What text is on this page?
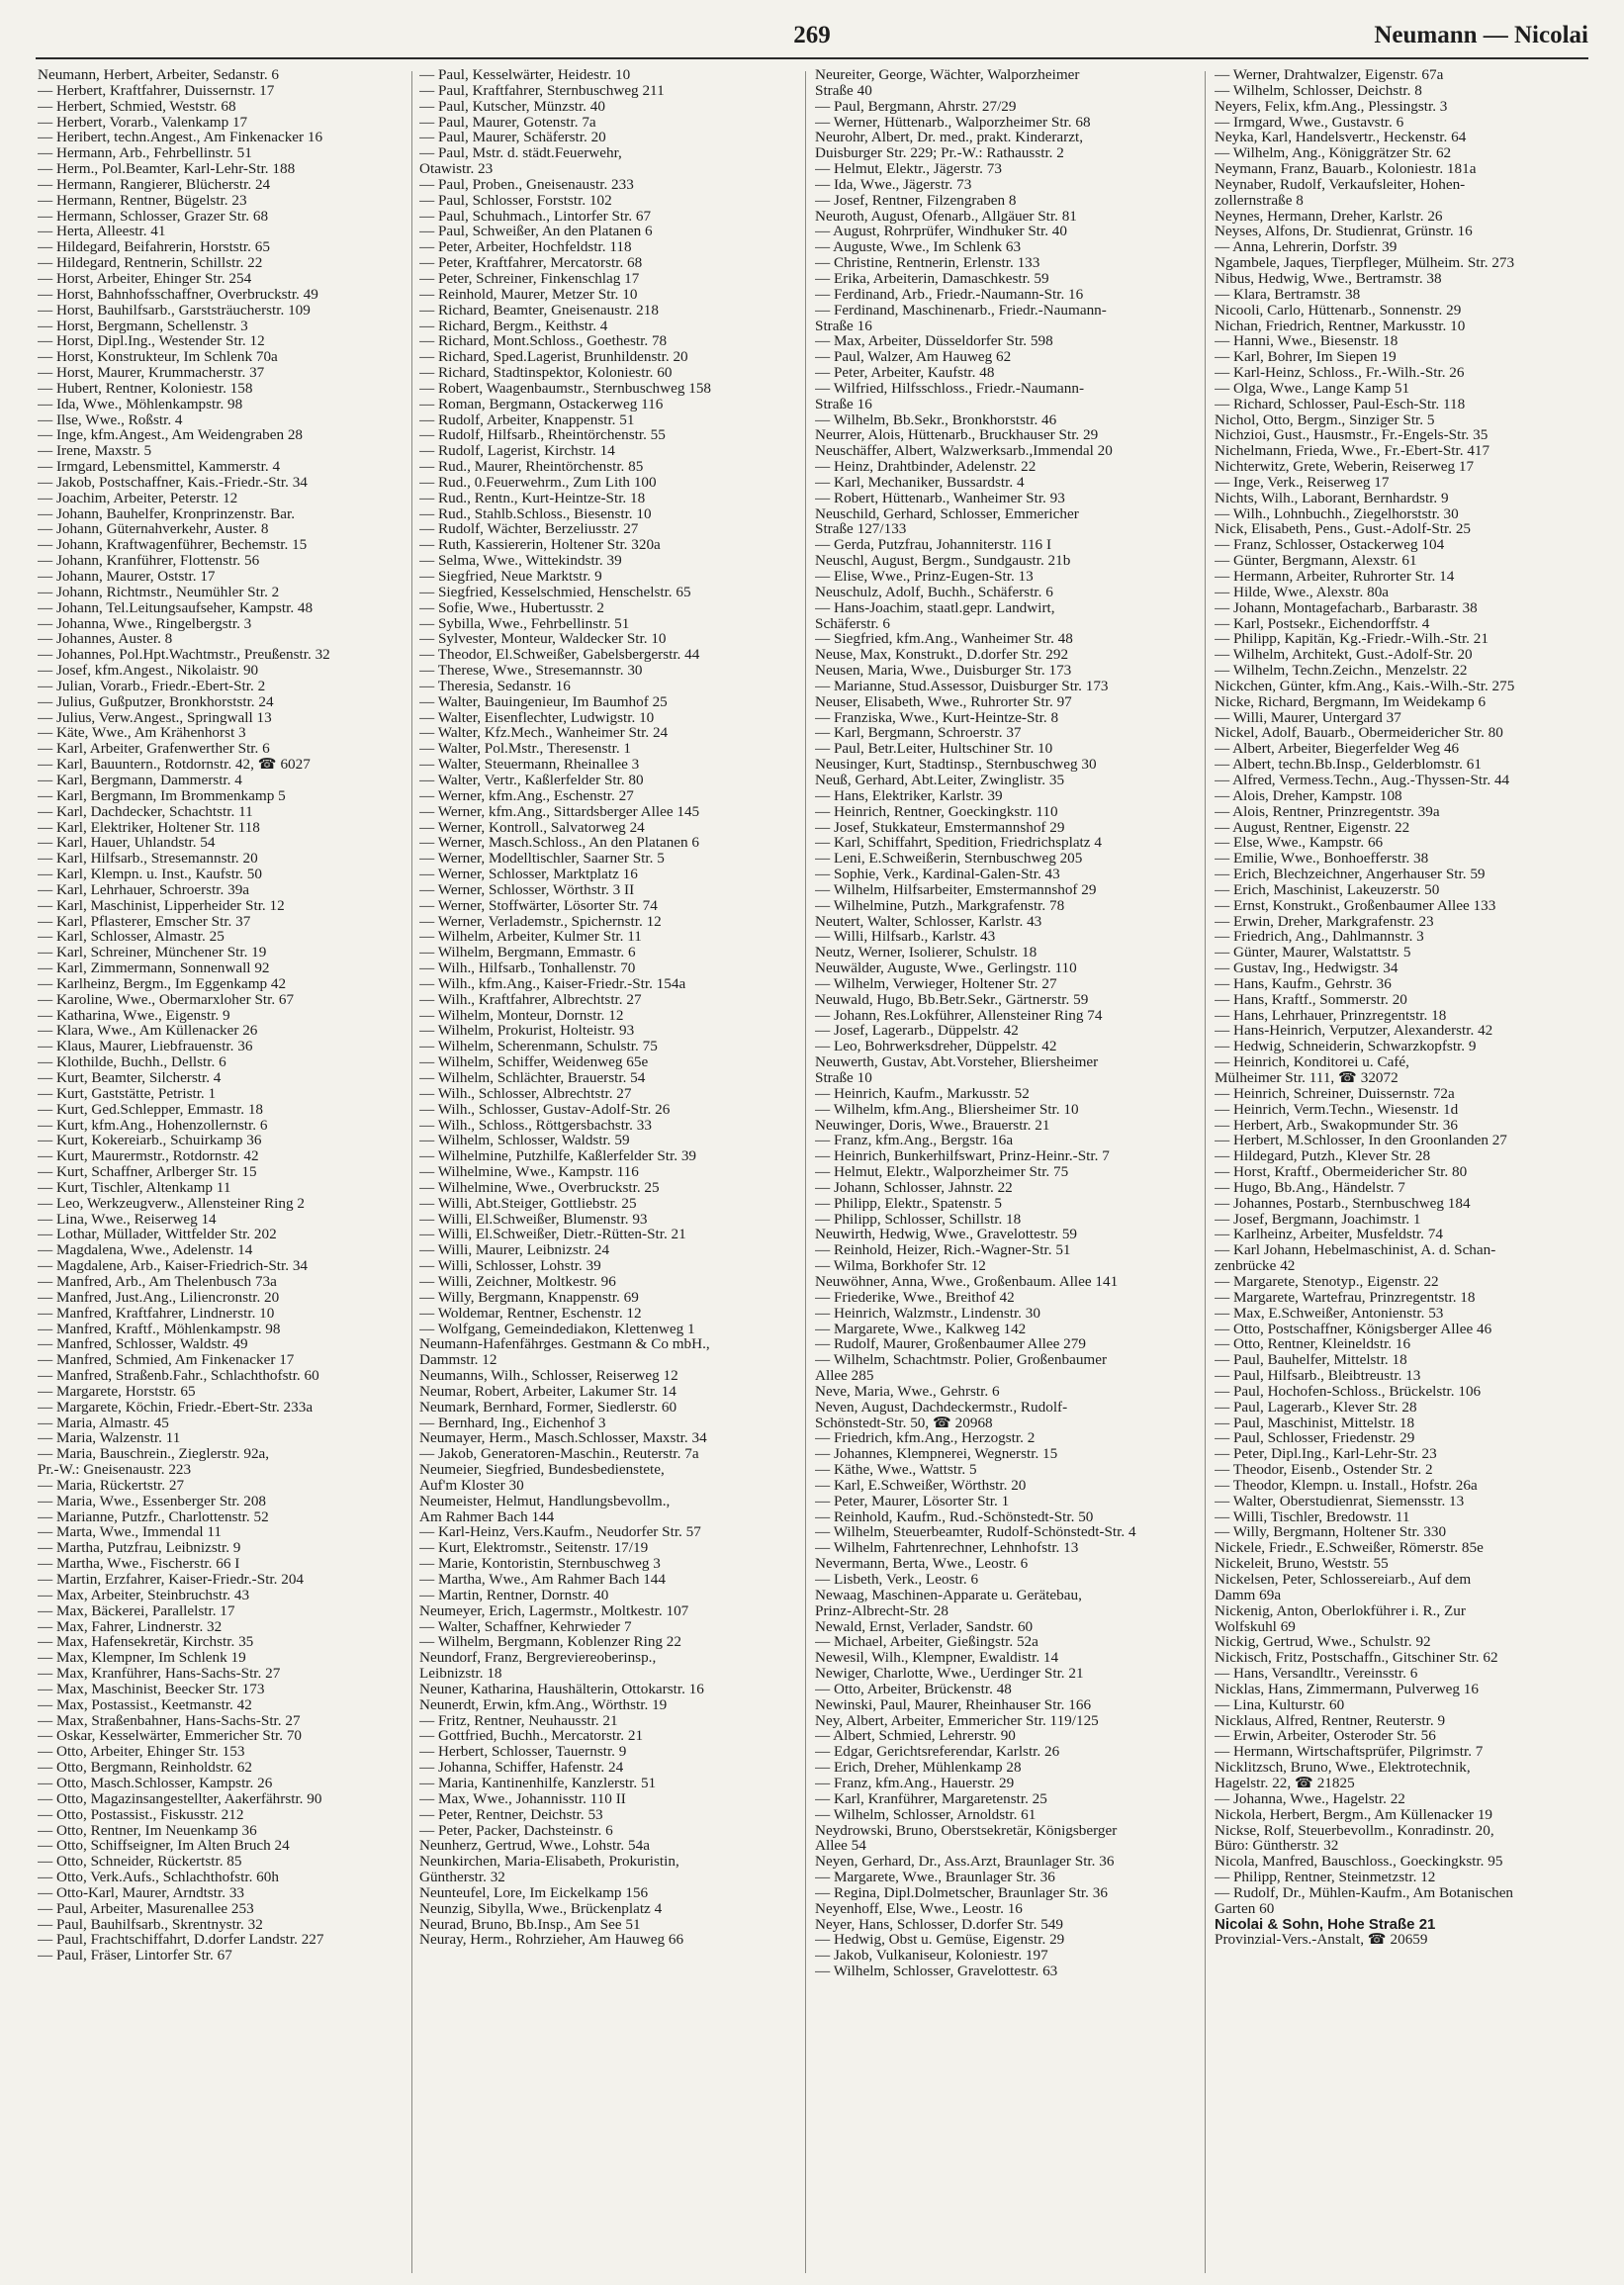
269	Neumann — Nicolai
Neumann, Herbert, Arbeiter, Sedanstr. 6
— Herbert, Kraftfahrer, Duissernstr. 17
— Herbert, Schmied, Weststr. 68
— Herbert, Vorarb., Valenkamp 17
— Heribert, techn.Angest., Am Finkenacker 16
— Hermann, Arb., Fehrbellinstr. 51
— Herm., Pol.Beamter, Karl-Lehr-Str. 188
— Hermann, Rangierer, Blücherstr. 24
— Hermann, Rentner, Bügelstr. 23
— Hermann, Schlosser, Grazer Str. 68
— Herta, Alleestr. 41
— Hildegard, Beifahrerin, Horststr. 65
— Hildegard, Rentnerin, Schillstr. 22
— Horst, Arbeiter, Ehinger Str. 254
— Horst, Bahnhofsschaffner, Overbruckstr. 49
— Horst, Bauhilfsarb., Garststräucherstr. 109
— Horst, Bergmann, Schellenstr. 3
— Horst, Dipl.Ing., Westender Str. 12
— Horst, Konstrukteur, Im Schlenk 70a
— Horst, Maurer, Krummacherstr. 37
— Hubert, Rentner, Koloniestr. 158
— Ida, Wwe., Möhlenkampstr. 98
— Ilse, Wwe., Roßstr. 4
— Inge, kfm.Angest., Am Weidengraben 28
— Irene, Maxstr. 5
— Irmgard, Lebensmittel, Kammerstr. 4
— Jakob, Postschaffner, Kais.-Friedr.-Str. 34
— Joachim, Arbeiter, Peterstr. 12
— Johann, Bauhelfer, Kronprinzenstr. Bar.
— Johann, Güternahverkehr, Auster. 8
— Johann, Kraftwagenführer, Bechemstr. 15
— Johann, Kranführer, Flottenstr. 56
— Johann, Maurer, Oststr. 17
— Johann, Richtmstr., Neumühler Str. 2
— Johann, Tel.Leitungsaufseher, Kampstr. 48
— Johanna, Wwe., Ringelbergstr. 3
— Johannes, Auster. 8
— Johannes, Pol.Hpt.Wachtmstr., Preußenstr. 32
— Josef, kfm.Angest., Nikolaistr. 90
— Julian, Vorarb., Friedr.-Ebert-Str. 2
— Julius, Gußputzer, Bronkhorststr. 24
— Julius, Verw.Angest., Springwall 13
— Käte, Wwe., Am Krähenhorst 3
— Karl, Arbeiter, Grafenwerther Str. 6
— Karl, Bauuntern., Rotdornstr. 42, ☎ 6027
— Karl, Bergmann, Dammerstr. 4
— Karl, Bergmann, Im Brommenkamp 5
— Karl, Dachdecker, Schachtstr. 11
— Karl, Elektriker, Holtener Str. 118
— Karl, Hauer, Uhlandstr. 54
— Karl, Hilfsarb., Stresemannstr. 20
— Karl, Klempn. u. Inst., Kaufstr. 50
— Karl, Lehrhauer, Schroerstr. 39a
— Karl, Maschinist, Lipperheider Str. 12
— Karl, Pflasterer, Emscher Str. 37
— Karl, Schlosser, Almastr. 25
— Karl, Schreiner, Münchener Str. 19
— Karl, Zimmermann, Sonnenwall 92
— Karlheinz, Bergm., Im Eggenkamp 42
— Karoline, Wwe., Obermarxloher Str. 67
— Katharina, Wwe., Eigenstr. 9
— Klara, Wwe., Am Küllenacker 26
— Klaus, Maurer, Liebfrauenstr. 36
— Klothilde, Buchh., Dellstr. 6
— Kurt, Beamter, Silcherstr. 4
— Kurt, Gaststätte, Petristr. 1
— Kurt, Ged.Schlepper, Emmastr. 18
— Kurt, kfm.Ang., Hohenzollernstr. 6
— Kurt, Kokereiarb., Schuirkamp 36
— Kurt, Maurermstr., Rotdornstr. 42
— Kurt, Schaffner, Arlberger Str. 15
— Kurt, Tischler, Altenkamp 11
— Leo, Werkzeugverw., Allensteiner Ring 2
— Lina, Wwe., Reiserweg 14
— Lothar, Müllader, Wittfelder Str. 202
— Magdalena, Wwe., Adelenstr. 14
— Magdalene, Arb., Kaiser-Friedrich-Str. 34
— Manfred, Arb., Am Thelenbusch 73a
— Manfred, Just.Ang., Liliencronstr. 20
— Manfred, Kraftfahrer, Lindnerstr. 10
— Manfred, Kraftf., Möhlenkampstr. 98
— Manfred, Schlosser, Waldstr. 49
— Manfred, Schmied, Am Finkenacker 17
— Manfred, Straßenb.Fahr., Schlachthofstr. 60
— Margarete, Horststr. 65
— Margarete, Köchin, Friedr.-Ebert-Str. 233a
— Maria, Almastr. 45
— Maria, Walzenstr. 11
— Maria, Bauschrein., Zieglerstr. 92a,
Pr.-W.: Gneisenaustr. 223
— Maria, Rückertstr. 27
— Maria, Wwe., Essenberger Str. 208
— Marianne, Putzfr., Charlottenstr. 52
— Marta, Wwe., Immendal 11
— Martha, Putzfrau, Leibnizstr. 9
— Martha, Wwe., Fischerstr. 66 I
— Martin, Erzfahrer, Kaiser-Friedr.-Str. 204
— Max, Arbeiter, Steinbruchstr. 43
— Max, Bäckerei, Parallelstr. 17
— Max, Fahrer, Lindnerstr. 32
— Max, Hafensekretär, Kirchstr. 35
— Max, Klempner, Im Schlenk 19
— Max, Kranführer, Hans-Sachs-Str. 27
— Max, Maschinist, Beecker Str. 173
— Max, Postassist., Keetmanstr. 42
— Max, Straßenbahner, Hans-Sachs-Str. 27
— Oskar, Kesselwärter, Emmericher Str. 70
— Otto, Arbeiter, Ehinger Str. 153
— Otto, Bergmann, Reinholdstr. 62
— Otto, Masch.Schlosser, Kampstr. 26
— Otto, Magazinsangestellter, Aakerfährstr. 90
— Otto, Postassist., Fiskusstr. 212
— Otto, Rentner, Im Neuenkamp 36
— Otto, Schiffseigner, Im Alten Bruch 24
— Otto, Schneider, Rückertstr. 85
— Otto, Verk.Aufs., Schlachthofstr. 60h
— Otto-Karl, Maurer, Arndtstr. 33
— Paul, Arbeiter, Masurenallee 253
— Paul, Bauhilfsarb., Skrentnystr. 32
— Paul, Frachtschiffahrt, D.dorfer Landstr. 227
— Paul, Fräser, Lintorfer Str. 67
— Paul, Kesselwärter, Heidestr. 10
— Paul, Kraftfahrer, Sternbuschweg 211
— Paul, Kutscher, Münzstr. 40
— Paul, Maurer, Gotenstr. 7a
— Paul, Maurer, Schäferstr. 20
— Paul, Mstr. d. städt.Feuerwehr,
Otawistr. 23
— Paul, Proben., Gneisenaustr. 233
— Paul, Schlosser, Forststr. 102
— Paul, Schuhmach., Lintorfer Str. 67
— Paul, Schweißer, An den Platanen 6
— Peter, Arbeiter, Hochfeldstr. 118
— Peter, Kraftfahrer, Mercatorstr. 68
— Peter, Schreiner, Finkenschlag 17
— Reinhold, Maurer, Metzer Str. 10
— Richard, Beamter, Gneisenaustr. 218
— Richard, Bergm., Keithstr. 4
— Richard, Mont.Schloss., Goethestr. 78
— Richard, Sped.Lagerist, Brunhildenstr. 20
— Richard, Stadtinspektor, Koloniestr. 60
— Robert, Waagenbaumstr., Sternbuschweg 158
— Roman, Bergmann, Ostackerweg 116
— Rudolf, Arbeiter, Knappenstr. 51
— Rudolf, Hilfsarb., Rheintörchenstr. 55
— Rudolf, Lagerist, Kirchstr. 14
— Rud., Maurer, Rheintörchenstr. 85
— Rud., 0.Feuerwehrm., Zum Lith 100
— Rud., Rentn., Kurt-Heintze-Str. 18
— Rud., Stahlb.Schloss., Biesenstr. 10
— Rudolf, Wächter, Berzeliusstr. 27
— Ruth, Kassiererin, Holtener Str. 320a
— Selma, Wwe., Wittekindstr. 39
— Siegfried, Neue Marktstr. 9
— Siegfried, Kesselschmied, Henschelstr. 65
— Sofie, Wwe., Hubertusstr. 2
— Sybilla, Wwe., Fehrbellinstr. 51
— Sylvester, Monteur, Waldecker Str. 10
— Theodor, El.Schweißer, Gabelsbergerstr. 44
— Therese, Wwe., Stresemannstr. 30
— Theresia, Sedanstr. 16
— Walter, Bauingenieur, Im Baumhof 25
— Walter, Eisenflechter, Ludwigstr. 10
— Walter, Kfz.Mech., Wanheimer Str. 24
— Walter, Pol.Mstr., Theresenstr. 1
— Walter, Steuermann, Rheinallee 3
— Walter, Vertr., Kaßlerfelder Str. 80
— Werner, kfm.Ang., Eschenstr. 27
— Werner, kfm.Ang., Sittardsberger Allee 145
— Werner, Kontroll., Salvatorweg 24
— Werner, Masch.Schloss., An den Platanen 6
— Werner, Modelltischler, Saarner Str. 5
— Werner, Schlosser, Marktplatz 16
— Werner, Schlosser, Wörthstr. 3 II
— Werner, Stoffwärter, Lösorter Str. 74
— Werner, Verlademstr., Spichernstr. 12
— Wilhelm, Arbeiter, Kulmer Str. 11
— Wilhelm, Bergmann, Emmastr. 6
— Wilh., Hilfsarb., Tonhallenstr. 70
— Wilh., kfm.Ang., Kaiser-Friedr.-Str. 154a
— Wilh., Kraftfahrer, Albrechtstr. 27
— Wilhelm, Monteur, Dornstr. 12
— Wilhelm, Prokurist, Holteistr. 93
— Wilhelm, Scherenmann, Schulstr. 75
— Wilhelm, Schiffer, Weidenweg 65e
— Wilhelm, Schlächter, Brauerstr. 54
— Wilh., Schlosser, Albrechtstr. 27
— Wilh., Schlosser, Gustav-Adolf-Str. 26
— Wilh., Schloss., Röttgersbachstr. 33
— Wilhelm, Schlosser, Waldstr. 59
— Wilhelmine, Putzhilfe, Kaßlerfelder Str. 39
— Wilhelmine, Wwe., Kampstr. 116
— Wilhelmine, Wwe., Overbruckstr. 25
— Willi, Abt.Steiger, Gottliebstr. 25
— Willi, El.Schweißer, Blumenstr. 93
— Willi, El.Schweißer, Dietr.-Rütten-Str. 21
— Willi, Maurer, Leibnizstr. 24
— Willi, Schlosser, Lohstr. 39
— Willi, Zeichner, Moltkestr. 96
— Willy, Bergmann, Knappenstr. 69
— Woldemar, Rentner, Eschenstr. 12
— Wolfgang, Gemeindediakon, Klettenweg 1
Neumann-Hafenfährges. Gestmann & Co mbH.,
Dammstr. 12
Neumanns, Wilh., Schlosser, Reiserweg 12
Neumar, Robert, Arbeiter, Lakumer Str. 14
Neumark, Bernhard, Former, Siedlerstr. 60
— Bernhard, Ing., Eichenhof 3
Neumayer, Herm., Masch.Schlosser, Maxstr. 34
— Jakob, Generatoren-Maschin., Reuterstr. 7a
Neumeier, Siegfried, Bundesbedienstete,
Auf'm Kloster 30
Neumeister, Helmut, Handlungsbevollm.,
Am Rahmer Bach 144
— Karl-Heinz, Vers.Kaufm., Neudorfer Str. 57
— Kurt, Elektromstr., Seitenstr. 17/19
— Marie, Kontoristin, Sternbuschweg 3
— Martha, Wwe., Am Rahmer Bach 144
— Martin, Rentner, Dornstr. 40
Neumeyer, Erich, Lagermstr., Moltkestr. 107
— Walter, Schaffner, Kehrwieder 7
— Wilhelm, Bergmann, Koblenzer Ring 22
Neundorf, Franz, Bergreviereoberinsp.,
Leibnizstr. 18
Neuner, Katharina, Haushälterin, Ottokarstr. 16
Neunerdt, Erwin, kfm.Ang., Wörthstr. 19
— Fritz, Rentner, Neuhausstr. 21
— Gottfried, Buchh., Mercatorstr. 21
— Herbert, Schlosser, Tauernstr. 9
— Johanna, Schiffer, Hafenstr. 24
— Maria, Kantinenhilfe, Kanzlerstr. 51
— Max, Wwe., Johannisstr. 110 II
— Peter, Rentner, Deichstr. 53
— Peter, Packer, Dachsteinstr. 6
Neunherz, Gertrud, Wwe., Lohstr. 54a
Neunkirchen, Maria-Elisabeth, Prokuristin,
Güntherstr. 32
Neunteufel, Lore, Im Eickelkamp 156
Neunzig, Sibylla, Wwe., Brückenplatz 4
Neurad, Bruno, Bb.Insp., Am See 51
Neuray, Herm., Rohrzieher, Am Hauweg 66
Neureiter, George, Wächter, Walporzheimer
Straße 40
— Paul, Bergmann, Ahrstr. 27/29
— Werner, Hüttenarb., Walporzheimer Str. 68
Neurohr, Albert, Dr. med., prakt. Kinderarzt,
Duisburger Str. 229; Pr.-W.: Rathausstr. 2
— Helmut, Elektr., Jägerstr. 73
— Ida, Wwe., Jägerstr. 73
— Josef, Rentner, Filzengraben 8
Neuroth, August, Ofenarb., Allgäuer Str. 81
— August, Rohrprüfer, Windhuker Str. 40
— Auguste, Wwe., Im Schlenk 63
— Christine, Rentnerin, Erlenstr. 133
— Erika, Arbeiterin, Damaschkestr. 59
— Ferdinand, Arb., Friedr.-Naumann-Str. 16
— Ferdinand, Maschinenarb., Friedr.-Naumann-
Straße 16
— Max, Arbeiter, Düsseldorfer Str. 598
— Paul, Walzer, Am Hauweg 62
— Peter, Arbeiter, Kaufstr. 48
— Wilfried, Hilfsschloss., Friedr.-Naumann-
Straße 16
— Wilhelm, Bb.Sekr., Bronkhorststr. 46
Neurrer, Alois, Hüttenarb., Bruckhauser Str. 29
Neuschäffer, Albert, Walzwerksarb.,Immendal 20
— Heinz, Drahtbinder, Adelenstr. 22
— Karl, Mechaniker, Bussardstr. 4
— Robert, Hüttenarb., Wanheimer Str. 93
Neuschild, Gerhard, Schlosser, Emmericher
Straße 127/133
— Gerda, Putzfrau, Johanniterstr. 116 I
Neuschl, August, Bergm., Sundgaustr. 21b
— Elise, Wwe., Prinz-Eugen-Str. 13
Neuschulz, Adolf, Buchh., Schäferstr. 6
— Hans-Joachim, staatl.gepr. Landwirt,
Schäferstr. 6
— Siegfried, kfm.Ang., Wanheimer Str. 48
Neuse, Max, Konstrukt., D.dorfer Str. 292
Neusen, Maria, Wwe., Duisburger Str. 173
— Marianne, Stud.Assessor, Duisburger Str. 173
Neuser, Elisabeth, Wwe., Ruhrorter Str. 97
— Franziska, Wwe., Kurt-Heintze-Str. 8
— Karl, Bergmann, Schroerstr. 37
— Paul, Betr.Leiter, Hultschiner Str. 10
Neusinger, Kurt, Stadtinsp., Sternbuschweg 30
Neuß, Gerhard, Abt.Leiter, Zwinglistr. 35
— Hans, Elektriker, Karlstr. 39
— Heinrich, Rentner, Goeckingkstr. 110
— Josef, Stukkateur, Emstermannshof 29
— Karl, Schiffahrt, Spedition, Friedrichsplatz 4
— Leni, E.Schweißerin, Sternbuschweg 205
— Sophie, Verk., Kardinal-Galen-Str. 43
— Wilhelm, Hilfsarbeiter, Emstermannshof 29
— Wilhelmine, Putzh., Markgrafenstr. 78
Neutert, Walter, Schlosser, Karlstr. 43
— Willi, Hilfsarb., Karlstr. 43
Neutz, Werner, Isolierer, Schulstr. 18
Neuwälder, Auguste, Wwe., Gerlingstr. 110
— Wilhelm, Verwieger, Holtener Str. 27
Neuwald, Hugo, Bb.Betr.Sekr., Gärtnerstr. 59
— Johann, Res.Lokführer, Allensteiner Ring 74
— Josef, Lagerarb., Düppelstr. 42
— Leo, Bohrwerksdreher, Düppelstr. 42
Neuwerth, Gustav, Abt.Vorsteher, Bliersheimer
Straße 10
— Heinrich, Kaufm., Markusstr. 52
— Wilhelm, kfm.Ang., Bliersheimer Str. 10
Neuwinger, Doris, Wwe., Brauerstr. 21
— Franz, kfm.Ang., Bergstr. 16a
— Heinrich, Bunkerhilfswart, Prinz-Heinr.-Str. 7
— Helmut, Elektr., Walporzheimer Str. 75
— Johann, Schlosser, Jahnstr. 22
— Philipp, Elektr., Spatenstr. 5
— Philipp, Schlosser, Schillstr. 18
Neuwirth, Hedwig, Wwe., Gravelottestr. 59
— Reinhold, Heizer, Rich.-Wagner-Str. 51
— Wilma, Borkhofer Str. 12
Neuwöhner, Anna, Wwe., Großenbaum. Allee 141
— Friederike, Wwe., Breithof 42
— Heinrich, Walzmstr., Lindenstr. 30
— Margarete, Wwe., Kalkweg 142
— Rudolf, Maurer, Großenbaumer Allee 279
— Wilhelm, Schachtmstr. Polier, Großenbaumer
Allee 285
Neve, Maria, Wwe., Gehrstr. 6
Neven, August, Dachdeckermstr., Rudolf-
Schönstedt-Str. 50, ☎ 20968
— Friedrich, kfm.Ang., Herzogstr. 2
— Johannes, Klempnerei, Wegnerstr. 15
— Käthe, Wwe., Wattstr. 5
— Karl, E.Schweißer, Wörthstr. 20
— Peter, Maurer, Lösorter Str. 1
— Reinhold, Kaufm., Rud.-Schönstedt-Str. 50
— Wilhelm, Steuerbeamter, Rudolf-Schönstedt-Str. 4
— Wilhelm, Fahrtenrechner, Lehnhofstr. 13
Nevermann, Berta, Wwe., Leostr. 6
— Lisbeth, Verk., Leostr. 6
Newaag, Maschinen-Apparate u. Gerätebau,
Prinz-Albrecht-Str. 28
Newald, Ernst, Verlader, Sandstr. 60
— Michael, Arbeiter, Gießingstr. 52a
Newesil, Wilh., Klempner, Ewaldistr. 14
Newiger, Charlotte, Wwe., Uerdinger Str. 21
— Otto, Arbeiter, Brückenstr. 48
Newinski, Paul, Maurer, Rheinhauser Str. 166
Ney, Albert, Arbeiter, Emmericher Str. 119/125
— Albert, Schmied, Lehrerstr. 90
— Edgar, Gerichtsreferendar, Karlstr. 26
— Erich, Dreher, Mühlenkamp 28
— Franz, kfm.Ang., Hauerstr. 29
— Karl, Kranführer, Margaretenstr. 25
— Wilhelm, Schlosser, Arnoldstr. 61
Neydrowski, Bruno, Oberstsekretär, Königsberger
Allee 54
Neyen, Gerhard, Dr., Ass.Arzt, Braunlager Str. 36
— Margarete, Wwe., Braunlager Str. 36
— Regina, Dipl.Dolmetscher, Braunlager Str. 36
Neyenhoff, Else, Wwe., Leostr. 16
Neyer, Hans, Schlosser, D.dorfer Str. 549
— Hedwig, Obst u. Gemüse, Eigenstr. 29
— Jakob, Vulkaniseur, Koloniestr. 197
— Wilhelm, Schlosser, Gravelottestr. 63
— Werner, Drahtwalzer, Eigenstr. 67a
— Wilhelm, Schlosser, Deichstr. 8
Neyers, Felix, kfm.Ang., Plessingstr. 3
— Irmgard, Wwe., Gustavstr. 6
Neyka, Karl, Handelsvertr., Heckenstr. 64
— Wilhelm, Ang., Königgrätzer Str. 62
Neymann, Franz, Bauarb., Koloniestr. 181a
Neynaber, Rudolf, Verkaufsleiter, Hohen-
zollernstraße 8
Neynes, Hermann, Dreher, Karlstr. 26
Neyses, Alfons, Dr. Studienrat, Grünstr. 16
— Anna, Lehrerin, Dorfstr. 39
Ngambele, Jaques, Tierpfleger, Mülheim. Str. 273
Nibus, Hedwig, Wwe., Bertramstr. 38
— Klara, Bertramstr. 38
Nicooli, Carlo, Hüttenarb., Sonnenstr. 29
Nichan, Friedrich, Rentner, Markusstr. 10
— Hanni, Wwe., Biesenstr. 18
— Karl, Bohrer, Im Siepen 19
— Karl-Heinz, Schloss., Fr.-Wilh.-Str. 26
— Olga, Wwe., Lange Kamp 51
— Richard, Schlosser, Paul-Esch-Str. 118
Nichol, Otto, Bergm., Sinziger Str. 5
Nichzioi, Gust., Hausmstr., Fr.-Engels-Str. 35
Nichelmann, Frieda, Wwe., Fr.-Ebert-Str. 417
Nichterwitz, Grete, Weberin, Reiserweg 17
— Inge, Verk., Reiserweg 17
Nichts, Wilh., Laborant, Bernhardstr. 9
— Wilh., Lohnbuchh., Ziegelhorststr. 30
Nick, Elisabeth, Pens., Gust.-Adolf-Str. 25
— Franz, Schlosser, Ostackerweg 104
— Günter, Bergmann, Alexstr. 61
— Hermann, Arbeiter, Ruhrorter Str. 14
— Hilde, Wwe., Alexstr. 80a
— Johann, Montagefacharb., Barbarastr. 38
— Karl, Postsekr., Eichendorffstr. 4
— Philipp, Kapitän, Kg.-Friedr.-Wilh.-Str. 21
— Wilhelm, Architekt, Gust.-Adolf-Str. 20
— Wilhelm, Techn.Zeichn., Menzelstr. 22
Nickchen, Günter, kfm.Ang., Kais.-Wilh.-Str. 275
Nicke, Richard, Bergmann, Im Weidekamp 6
— Willi, Maurer, Untergard 37
Nickel, Adolf, Bauarb., Obermeidericher Str. 80
— Albert, Arbeiter, Biegerfelder Weg 46
— Albert, techn.Bb.Insp., Gelderblomstr. 61
— Alfred, Vermess.Techn., Aug.-Thyssen-Str. 44
— Alois, Dreher, Kampstr. 108
— Alois, Rentner, Prinzregentstr. 39a
— August, Rentner, Eigenstr. 22
— Else, Wwe., Kampstr. 66
— Emilie, Wwe., Bonhoefferstr. 38
— Erich, Blechzeichner, Angerhauser Str. 59
— Erich, Maschinist, Lakeuzerstr. 50
— Ernst, Konstrukt., Großenbaumer Allee 133
— Erwin, Dreher, Markgrafenstr. 23
— Friedrich, Ang., Dahlmannstr. 3
— Günter, Maurer, Walstattstr. 5
— Gustav, Ing., Hedwigstr. 34
— Hans, Kaufm., Gehrstr. 36
— Hans, Kraftf., Sommerstr. 20
— Hans, Lehrhauer, Prinzregentstr. 18
— Hans-Heinrich, Verputzer, Alexanderstr. 42
— Hedwig, Schneiderin, Schwarzkopfstr. 9
— Heinrich, Konditorei u. Café,
Mülheimer Str. 111, ☎ 32072
— Heinrich, Schreiner, Duissernstr. 72a
— Heinrich, Verm.Techn., Wiesenstr. 1d
— Herbert, Arb., Swakopmunder Str. 36
— Herbert, M.Schlosser, In den Groonlanden 27
— Hildegard, Putzh., Klever Str. 28
— Horst, Kraftf., Obermeidericher Str. 80
— Hugo, Bb.Ang., Händelstr. 7
— Johannes, Postarb., Sternbuschweg 184
— Josef, Bergmann, Joachimstr. 1
— Karlheinz, Arbeiter, Musfeldstr. 74
— Karl Johann, Hebelmaschinist, A. d. Schan-
zenbrücke 42
— Margarete, Stenotyp., Eigenstr. 22
— Margarete, Wartefrau, Prinzregentstr. 18
— Max, E.Schweißer, Antonienstr. 53
— Otto, Postschaffner, Königsberger Allee 46
— Otto, Rentner, Kleineldstr. 16
— Paul, Bauhelfer, Mittelstr. 18
— Paul, Hilfsarb., Bleibtreustr. 13
— Paul, Hochofen-Schloss., Brückelstr. 106
— Paul, Lagerarb., Klever Str. 28
— Paul, Maschinist, Mittelstr. 18
— Paul, Schlosser, Friedenstr. 29
— Peter, Dipl.Ing., Karl-Lehr-Str. 23
— Theodor, Eisenb., Ostender Str. 2
— Theodor, Klempn. u. Install., Hofstr. 26a
— Walter, Oberstudienrat, Siemensstr. 13
— Willi, Tischler, Bredowstr. 11
— Willy, Bergmann, Holtener Str. 330
Nickele, Friedr., E.Schweißer, Römerstr. 85e
Nickeleit, Bruno, Weststr. 55
Nickelsen, Peter, Schlossereiarb., Auf dem
Damm 69a
Nickenig, Anton, Oberlokführer i. R., Zur
Wolfskuhl 69
Nickig, Gertrud, Wwe., Schulstr. 92
Nickisch, Fritz, Postschaffn., Gitschiner Str. 62
— Hans, Versandltr., Vereinsstr. 6
Nicklas, Hans, Zimmermann, Pulverweg 16
— Lina, Kulturstr. 60
Nicklaus, Alfred, Rentner, Reuterstr. 9
— Erwin, Arbeiter, Osteroder Str. 56
— Hermann, Wirtschaftsprüfer, Pilgrimstr. 7
Nicklitzsch, Bruno, Wwe., Elektrotechnik,
Hagelstr. 22, ☎ 21825
— Johanna, Wwe., Hagelstr. 22
Nickola, Herbert, Bergm., Am Küllenacker 19
Nickse, Rolf, Steuerbevollm., Konradinstr. 20,
Büro: Güntherstr. 32
Nicola, Manfred, Bauschloss., Goeckingkstr. 95
— Philipp, Rentner, Steinmetzstr. 12
— Rudolf, Dr., Mühlen-Kaufm., Am Botanischen
Garten 60
Nicolai & Sohn, Hohe Straße 21
Provinzial-Vers.-Anstalt, ☎ 20659
